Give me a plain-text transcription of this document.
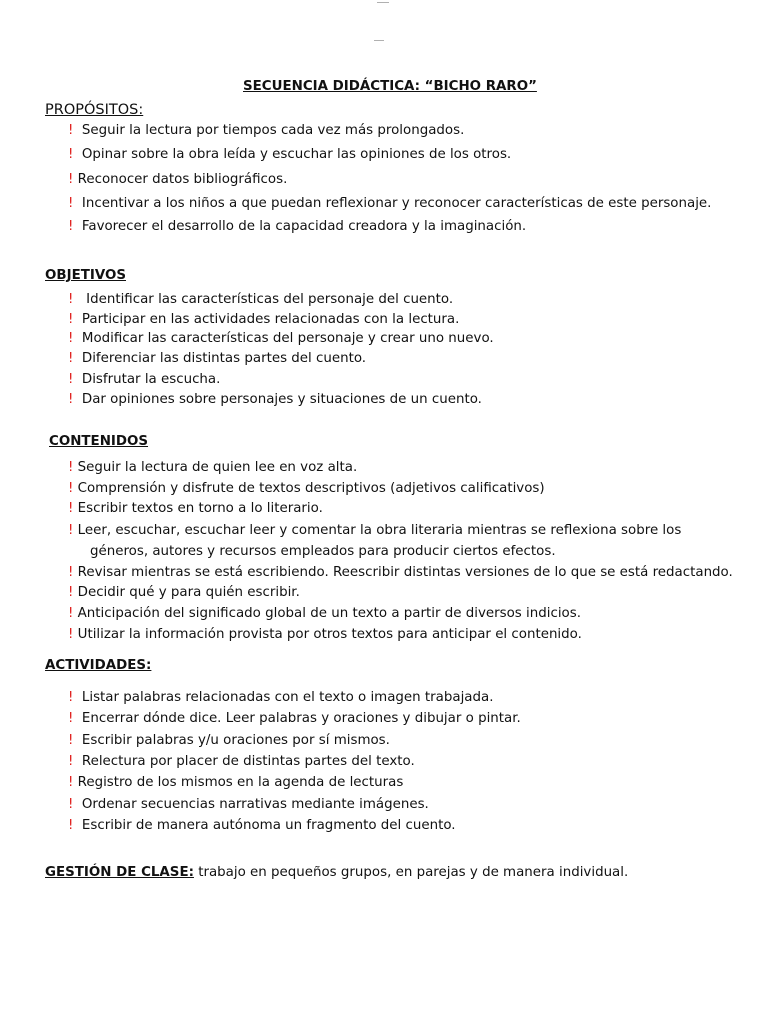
SECUENCIA DIDÁCTICA: “BICHO RARO”
PROPÓSITOS:
! Seguir la lectura por tiempos cada vez más prolongados.
! Opinar sobre la obra leída y escuchar las opiniones de los otros.
! Reconocer datos bibliográficos.
! Incentivar a los niños a que puedan reflexionar y reconocer características de este personaje.
! Favorecer el desarrollo de la capacidad creadora y la imaginación.
OBJETIVOS
! Identificar las características del personaje del cuento.
! Participar en las actividades relacionadas con la lectura.
! Modificar las características del personaje y crear uno nuevo.
! Diferenciar las distintas partes del cuento.
! Disfrutar la escucha.
! Dar opiniones sobre personajes y situaciones de un cuento.
CONTENIDOS
! Seguir la lectura de quien lee en voz alta.
! Comprensión y disfrute de textos descriptivos (adjetivos calificativos)
! Escribir textos en torno a lo literario.
! Leer, escuchar, escuchar leer y comentar la obra literaria mientras se reflexiona sobre los
géneros, autores y recursos empleados para producir ciertos efectos.
! Revisar mientras se está escribiendo. Reescribir distintas versiones de lo que se está redactando.
! Decidir qué y para quién escribir.
! Anticipación del significado global de un texto a partir de diversos indicios.
! Utilizar la información provista por otros textos para anticipar el contenido.
ACTIVIDADES:
! Listar palabras relacionadas con el texto o imagen trabajada.
! Encerrar dónde dice. Leer palabras y oraciones y dibujar o pintar.
! Escribir palabras y/u oraciones por sí mismos.
! Relectura por placer de distintas partes del texto.
! Registro de los mismos en la agenda de lecturas
! Ordenar secuencias narrativas mediante imágenes.
! Escribir de manera autónoma un fragmento del cuento.
GESTIÓN DE CLASE: trabajo en pequeños grupos, en parejas y de manera individual.
